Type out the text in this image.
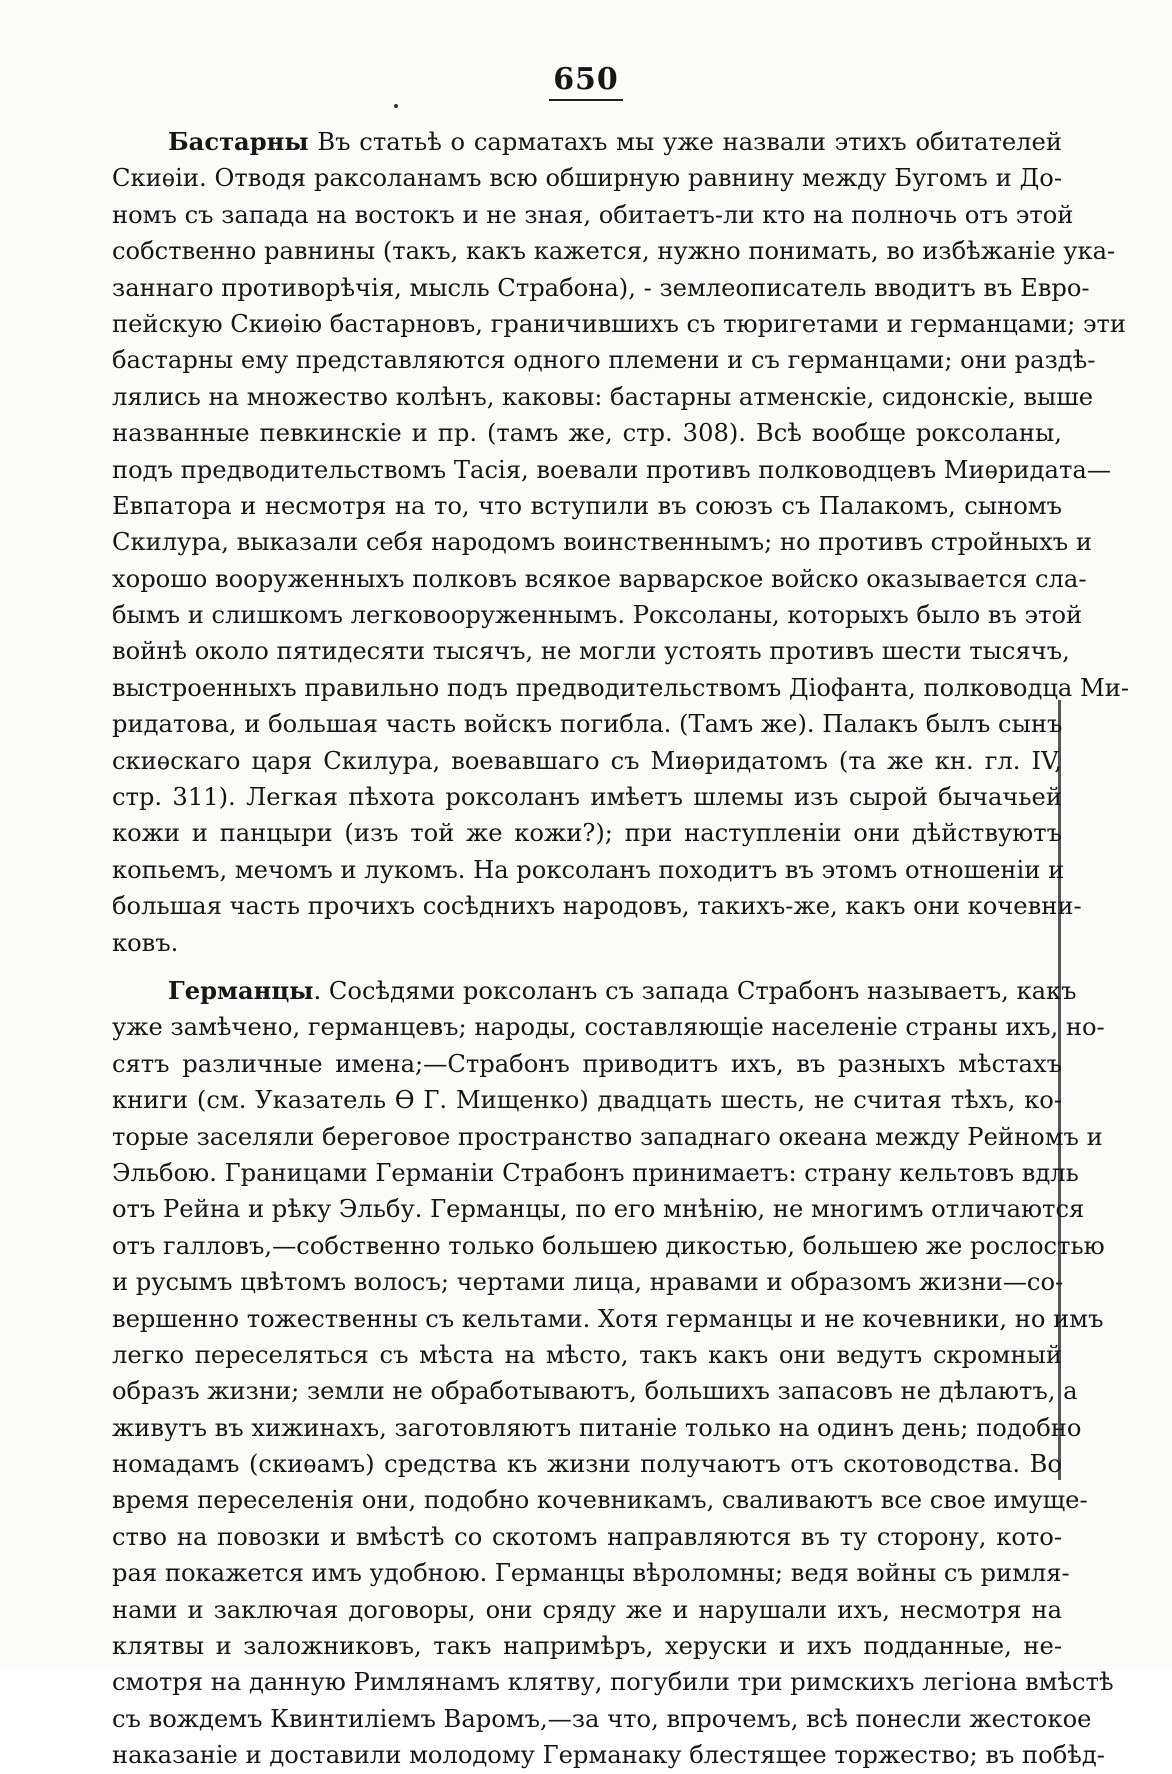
650
Бастарны Въ статьѣ о сарматахъ мы уже назвали этихъ обитателей
Скиѳіи. Отводя раксоланамъ всю обширную равнину между Бугомъ и До-
номъ съ запада на востокъ и не зная, обитаетъ-ли кто на полночь отъ этой
собственно равнины (такъ, какъ кажется, нужно понимать, во избѣжаніе ука-
заннаго противорѣчія, мысль Страбона), - землеописатель вводитъ въ Евро-
пейскую Скиѳію бастарновъ, граничившихъ съ тюригетами и германцами; эти
бастарны ему представляются одного племени и съ германцами; они раздѣ-
лялись на множество колѣнъ, каковы: бастарны атменскіе, сидонскіе, выше
названные певкинскіе и пр. (тамъ же, стр. 308). Всѣ вообще роксоланы,
подъ предводительствомъ Тасія, воевали противъ полководцевъ Миѳридата—
Евпатора и несмотря на то, что вступили въ союзъ съ Палакомъ, сыномъ
Скилура, выказали себя народомъ воинственнымъ; но противъ стройныхъ и
хорошо вооруженныхъ полковъ всякое варварское войско оказывается сла-
бымъ и слишкомъ легковооруженнымъ. Роксоланы, которыхъ было въ этой
войнѣ около пятидесяти тысячъ, не могли устоять противъ шести тысячъ,
выстроенныхъ правильно подъ предводительствомъ Діофанта, полководца Ми-
ридатова, и большая часть войскъ погибла. (Тамъ же). Палакъ былъ сынъ
скиѳскаго царя Скилура, воевавшаго съ Миѳридатомъ (та же кн. гл. IV,
стр. 311). Легкая пѣхота роксоланъ имѣетъ шлемы изъ сырой бычачьей
кожи и панцыри (изъ той же кожи?); при наступленіи они дѣйствуютъ
копьемъ, мечомъ и лукомъ. На роксоланъ походитъ въ этомъ отношеніи и
большая часть прочихъ сосѣднихъ народовъ, такихъ-же, какъ они кочевни-
ковъ.
Германцы. Сосѣдями роксоланъ съ запада Страбонъ называетъ, какъ
уже замѣчено, германцевъ; народы, составляющіе населеніе страны ихъ, но-
сятъ различные имена;—Страбонъ приводитъ ихъ, въ разныхъ мѣстахъ
книги (см. Указатель Ѳ Г. Мищенко) двадцать шесть, не считая тѣхъ, ко-
торые заселяли береговое пространство западнаго океана между Рейномъ и
Эльбою. Границами Германіи Страбонъ принимаетъ: страну кельтовъ вдль
отъ Рейна и рѣку Эльбу. Германцы, по его мнѣнію, не многимъ отличаются
отъ галловъ,—собственно только большею дикостью, большею же рослостью
и русымъ цвѣтомъ волосъ; чертами лица, нравами и образомъ жизни—со-
вершенно тожественны съ кельтами. Хотя германцы и не кочевники, но имъ
легко переселяться съ мѣста на мѣсто, такъ какъ они ведутъ скромный
образъ жизни; земли не обработываютъ, большихъ запасовъ не дѣлаютъ, а
живутъ въ хижинахъ, заготовляютъ питаніе только на одинъ день; подобно
номадамъ (скиѳамъ) средства къ жизни получаютъ отъ скотоводства. Во
время переселенія они, подобно кочевникамъ, сваливаютъ все свое имуще-
ство на повозки и вмѣстѣ со скотомъ направляются въ ту сторону, кото-
рая покажется имъ удобною. Германцы вѣроломны; ведя войны съ римля-
нами и заключая договоры, они сряду же и нарушали ихъ, несмотря на
клятвы и заложниковъ, такъ напримѣръ, херуски и ихъ подданные, не-
смотря на данную Римлянамъ клятву, погубили три римскихъ легіона вмѣстѣ
съ вождемъ Квинтиліемъ Варомъ,—за что, впрочемъ, всѣ понесли жестокое
наказаніе и доставили молодому Германаку блестящее торжество; въ побѣд-
